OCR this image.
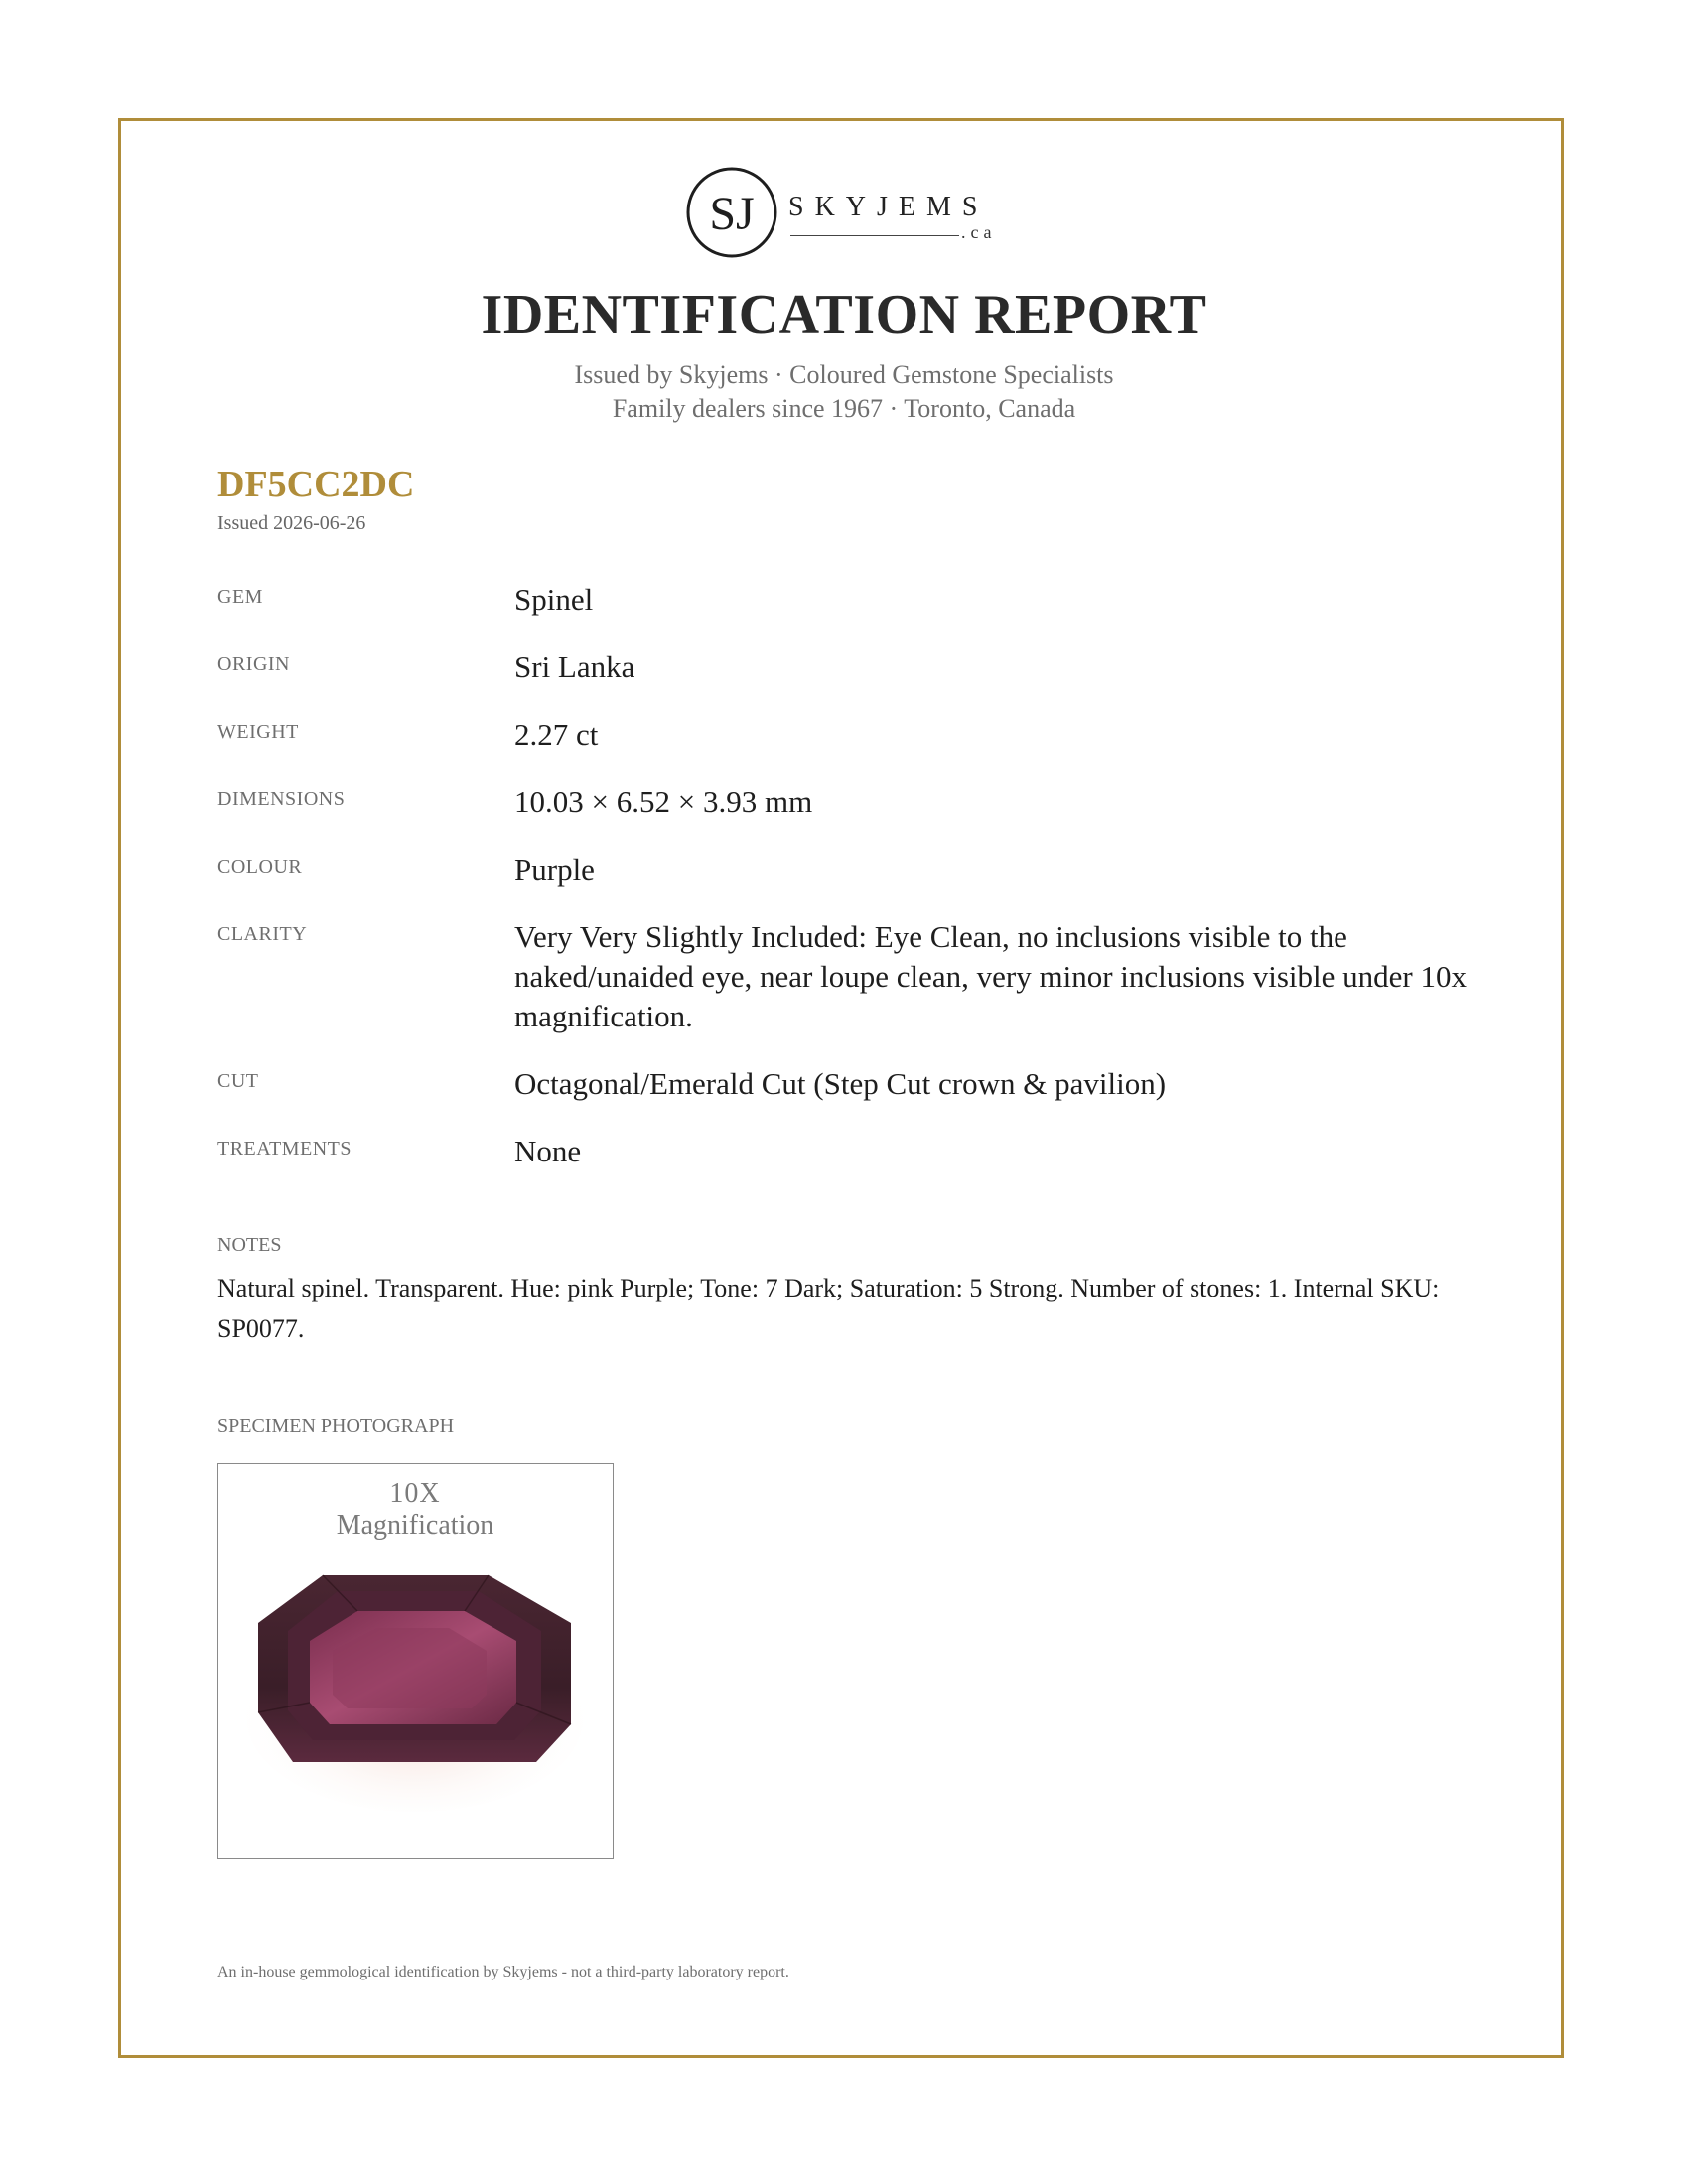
SJ SKYJEMS
.ca
IDENTIFICATION REPORT
Issued by Skyjems · Coloured Gemstone Specialists
Family dealers since 1967 · Toronto, Canada
DF5CC2DC
Issued 2026-06-26
GEM	Spinel
ORIGIN	Sri Lanka
WEIGHT	2.27 ct
DIMENSIONS	10.03 × 6.52 × 3.93 mm
COLOUR	Purple
CLARITY	Very Very Slightly Included: Eye Clean, no inclusions visible to the naked/unaided eye, near loupe clean, very minor inclusions visible under 10x magnification.
CUT	Octagonal/Emerald Cut (Step Cut crown & pavilion)
TREATMENTS	None
NOTES
Natural spinel. Transparent. Hue: pink Purple; Tone: 7 Dark; Saturation: 5 Strong. Number of stones: 1. Internal SKU: SP0077.
SPECIMEN PHOTOGRAPH
10X
Magnification
An in-house gemmological identification by Skyjems - not a third-party laboratory report.
